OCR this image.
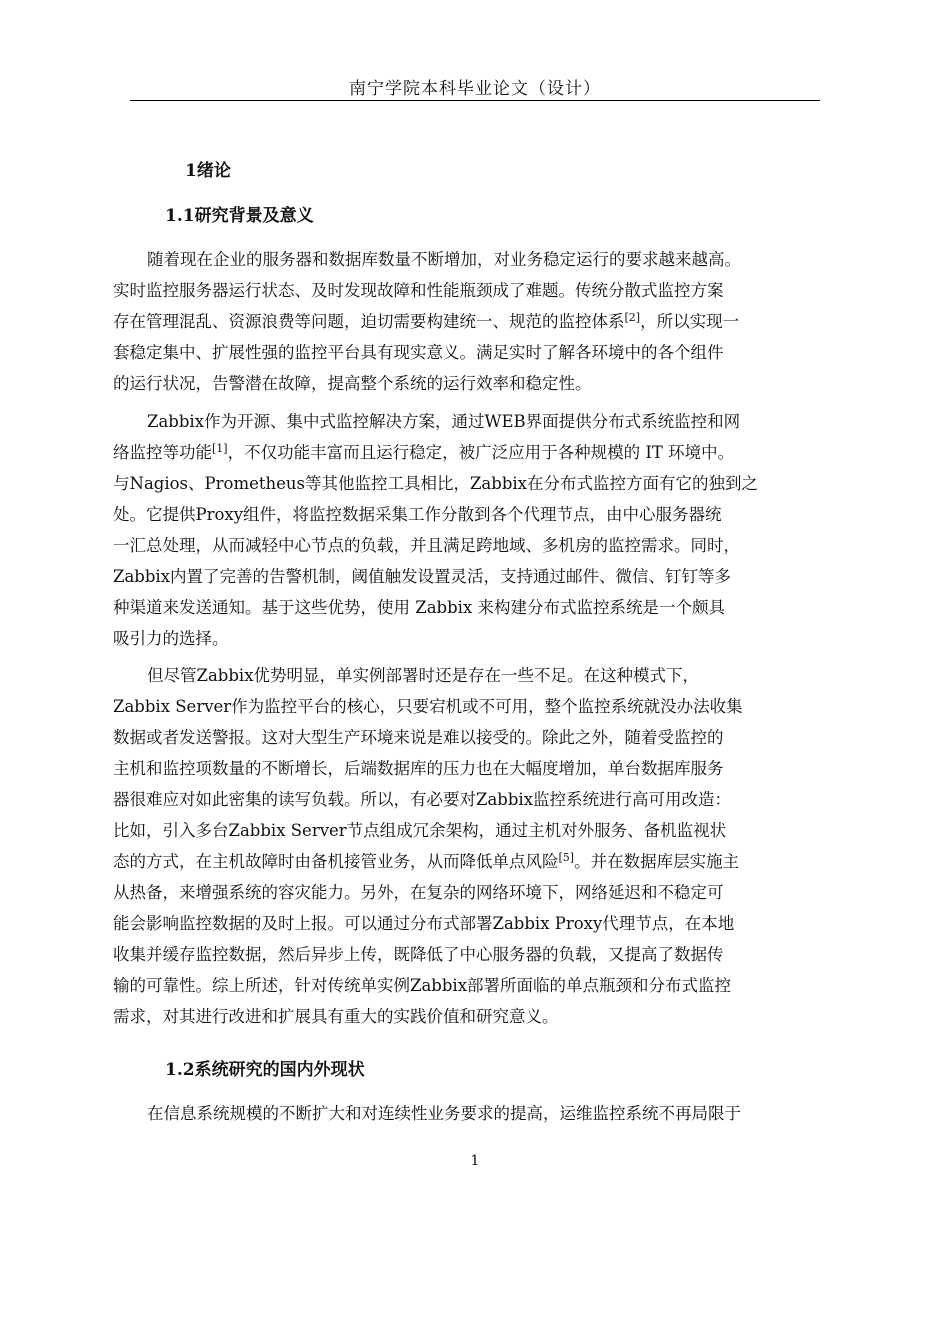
南宁学院本科毕业论文（设计）
1绪论
1.1研究背景及意义

随着现在企业的服务器和数据库数量不断增加，对业务稳定运行的要求越来越高。
实时监控服务器运行状态、及时发现故障和性能瓶颈成了难题。传统分散式监控方案
存在管理混乱、资源浪费等问题，迫切需要构建统一、规范的监控体系[2]，所以实现一
套稳定集中、扩展性强的监控平台具有现实意义。满足实时了解各环境中的各个组件
的运行状况，告警潜在故障，提高整个系统的运行效率和稳定性。

Zabbix作为开源、集中式监控解决方案，通过WEB界面提供分布式系统监控和网
络监控等功能[1]，不仅功能丰富而且运行稳定，被广泛应用于各种规模的 IT 环境中。
与Nagios、Prometheus等其他监控工具相比，Zabbix在分布式监控方面有它的独到之
处。它提供Proxy组件，将监控数据采集工作分散到各个代理节点，由中心服务器统
一汇总处理，从而减轻中心节点的负载，并且满足跨地域、多机房的监控需求。同时，
Zabbix内置了完善的告警机制，阈值触发设置灵活，支持通过邮件、微信、钉钉等多
种渠道来发送通知。基于这些优势，使用 Zabbix 来构建分布式监控系统是一个颇具
吸引力的选择。

但尽管Zabbix优势明显，单实例部署时还是存在一些不足。在这种模式下，
Zabbix Server作为监控平台的核心，只要宕机或不可用，整个监控系统就没办法收集
数据或者发送警报。这对大型生产环境来说是难以接受的。除此之外，随着受监控的
主机和监控项数量的不断增长，后端数据库的压力也在大幅度增加，单台数据库服务
器很难应对如此密集的读写负载。所以，有必要对Zabbix监控系统进行高可用改造：
比如，引入多台Zabbix Server节点组成冗余架构，通过主机对外服务、备机监视状
态的方式，在主机故障时由备机接管业务，从而降低单点风险[5]。并在数据库层实施主
从热备，来增强系统的容灾能力。另外，在复杂的网络环境下，网络延迟和不稳定可
能会影响监控数据的及时上报。可以通过分布式部署Zabbix Proxy代理节点，在本地
收集并缓存监控数据，然后异步上传，既降低了中心服务器的负载，又提高了数据传
输的可靠性。综上所述，针对传统单实例Zabbix部署所面临的单点瓶颈和分布式监控
需求，对其进行改进和扩展具有重大的实践价值和研究意义。

1.2系统研究的国内外现状

在信息系统规模的不断扩大和对连续性业务要求的提高，运维监控系统不再局限于

1
